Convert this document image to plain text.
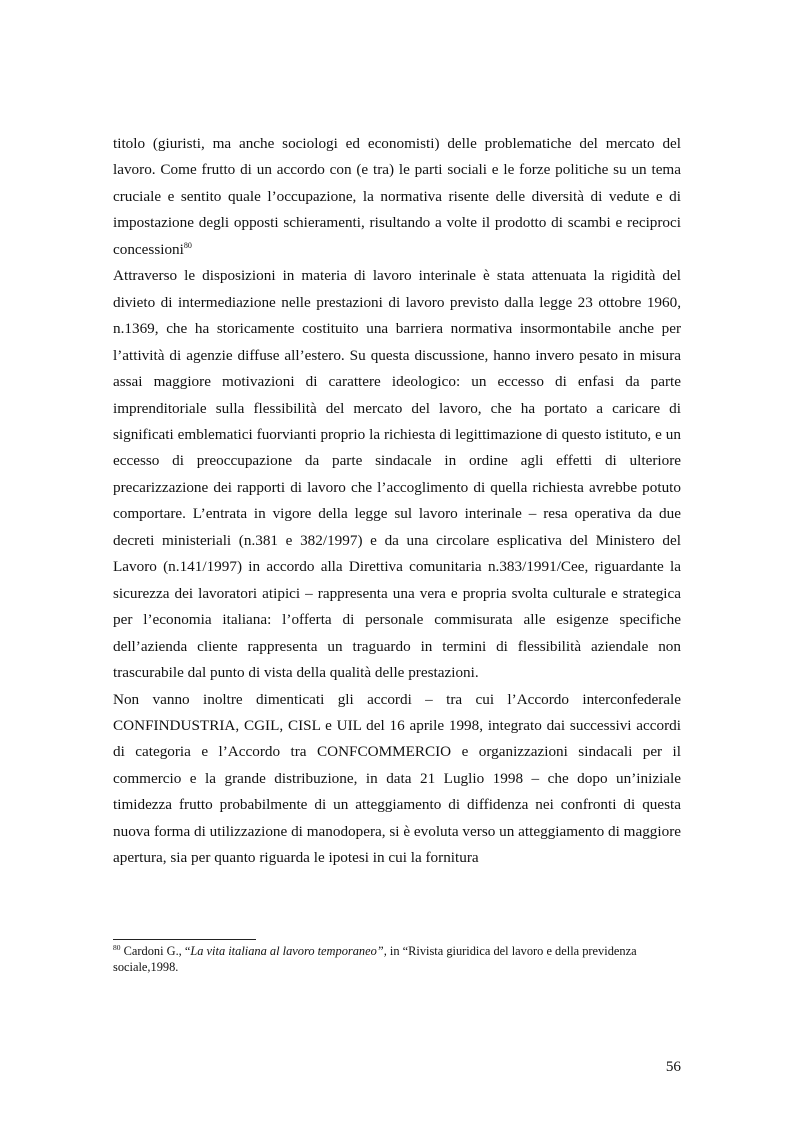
titolo (giuristi, ma anche sociologi ed economisti) delle problematiche del mercato del lavoro. Come frutto di un accordo con (e tra) le parti sociali e le forze politiche su un tema cruciale e sentito quale l’occupazione, la normativa risente delle diversità di vedute e di impostazione degli opposti schieramenti, risultando a volte il prodotto di scambi e reciproci concessioni$^{80}$

Attraverso le disposizioni in materia di lavoro interinale è stata attenuata la rigidità del divieto di intermediazione nelle prestazioni di lavoro previsto dalla legge 23 ottobre 1960, n.1369, che ha storicamente costituito una barriera normativa insormontabile anche per l’attività di agenzie diffuse all’estero. Su questa discussione, hanno invero pesato in misura assai maggiore motivazioni di carattere ideologico: un eccesso di enfasi da parte imprenditoriale sulla flessibilità del mercato del lavoro, che ha portato a caricare di significati emblematici fuorvianti proprio la richiesta di legittimazione di questo istituto, e un eccesso di preoccupazione da parte sindacale in ordine agli effetti di ulteriore precarizzazione dei rapporti di lavoro che l’accoglimento di quella richiesta avrebbe potuto comportare. L’entrata in vigore della legge sul lavoro interinale – resa operativa da due decreti ministeriali (n.381 e 382/1997) e da una circolare esplicativa del Ministero del Lavoro (n.141/1997) in accordo alla Direttiva comunitaria n.383/1991/Cee, riguardante la sicurezza dei lavoratori atipici – rappresenta una vera e propria svolta culturale e strategica per l’economia italiana: l’offerta di personale commisurata alle esigenze specifiche dell’azienda cliente rappresenta un traguardo in termini di flessibilità aziendale non trascurabile dal punto di vista della qualità delle prestazioni.

Non vanno inoltre dimenticati gli accordi – tra cui l’Accordo interconfederale CONFINDUSTRIA, CGIL, CISL e UIL del 16 aprile 1998, integrato dai successivi accordi di categoria e l’Accordo tra CONFCOMMERCIO e organizzazioni sindacali per il commercio e la grande distribuzione, in data 21 Luglio 1998 – che dopo un’iniziale timidezza frutto probabilmente di un atteggiamento di diffidenza nei confronti di questa nuova forma di utilizzazione di manodopera, si è evoluta verso un atteggiamento di maggiore apertura, sia per quanto riguarda le ipotesi in cui la fornitura

$^{80}$ Cardoni G., “La vita italiana al lavoro temporaneo”, in “Rivista giuridica del lavoro e della previdenza sociale,1998.
56
